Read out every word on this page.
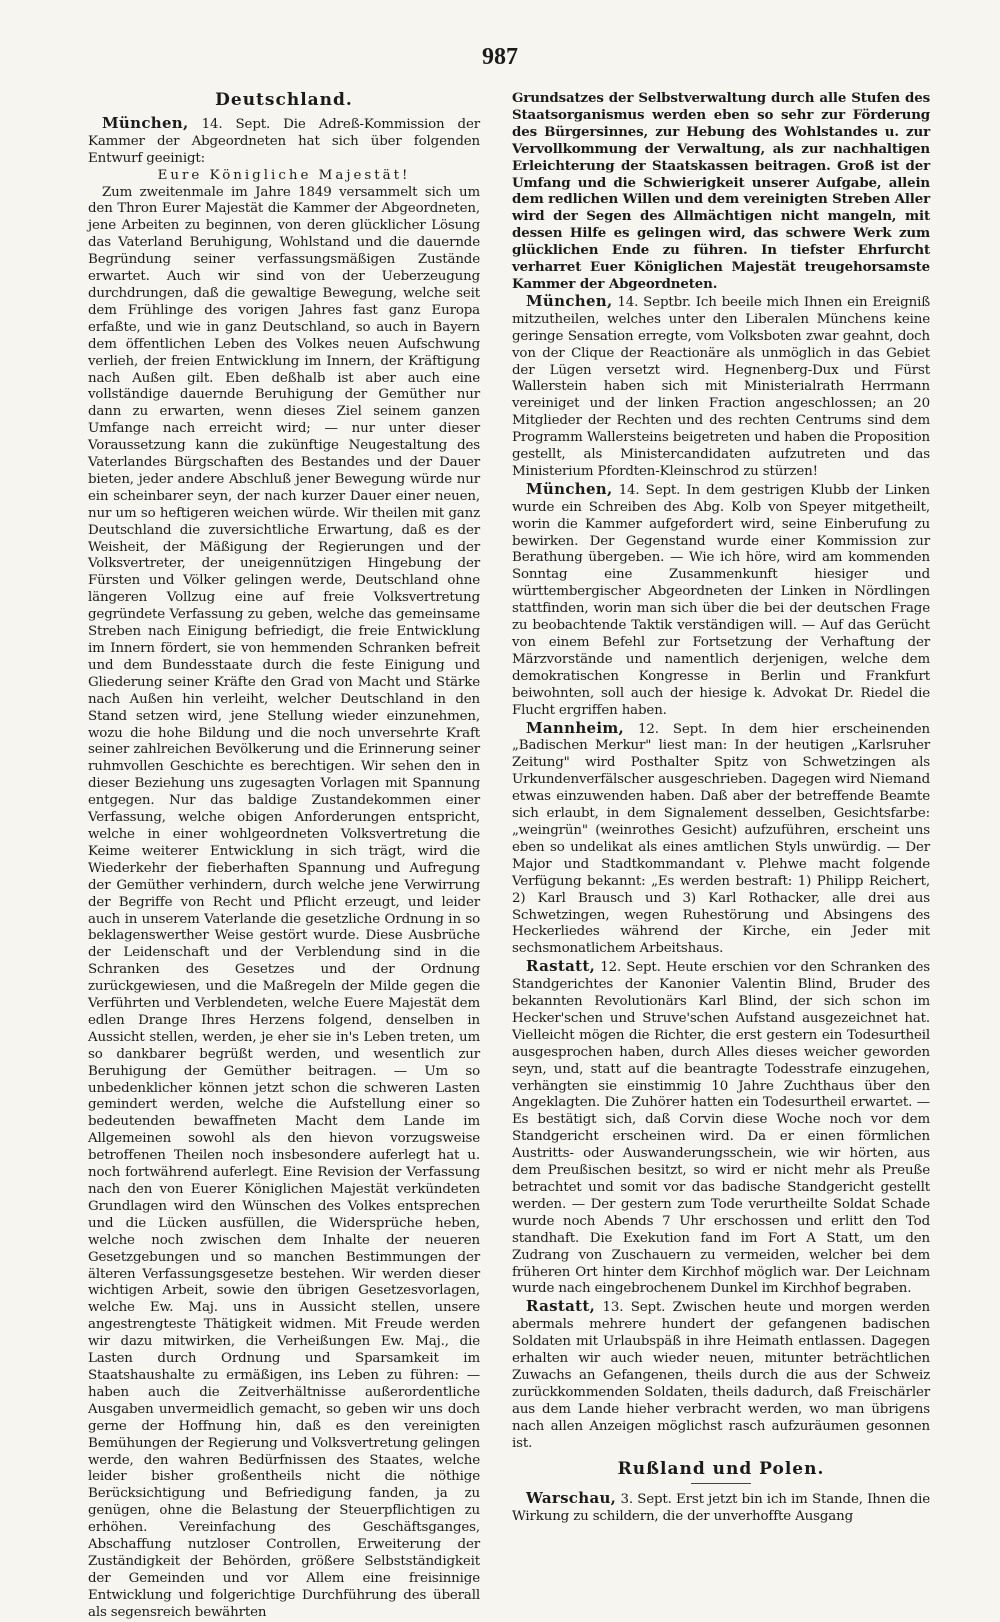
987
Deutschland.

München, 14. Sept. Die Adreß-Kommission der Kammer der Abgeordneten hat sich über folgenden Entwurf geeinigt:

Eure Königliche Majestät!

Zum zweitenmale im Jahre 1849 versammelt sich um den Thron Eurer Majestät die Kammer der Abgeordneten, jene Arbeiten zu beginnen, von deren glücklicher Lösung das Vaterland Beruhigung, Wohlstand und die dauernde Begründung seiner verfassungsmäßigen Zustände erwartet. Auch wir sind von der Ueberzeugung durchdrungen, daß die gewaltige Bewegung, welche seit dem Frühlinge des vorigen Jahres fast ganz Europa erfaßte, und wie in ganz Deutschland, so auch in Bayern dem öffentlichen Leben des Volkes neuen Aufschwung verlieh, der freien Entwicklung im Innern, der Kräftigung nach Außen gilt. Eben deßhalb ist aber auch eine vollständige dauernde Beruhigung der Gemüther nur dann zu erwarten, wenn dieses Ziel seinem ganzen Umfange nach erreicht wird; — nur unter dieser Voraussetzung kann die zukünftige Neugestaltung des Vaterlandes Bürgschaften des Bestandes und der Dauer bieten, jeder andere Abschluß jener Bewegung würde nur ein scheinbarer seyn, der nach kurzer Dauer einer neuen, nur um so heftigeren weichen würde. Wir theilen mit ganz Deutschland die zuversichtliche Erwartung, daß es der Weisheit, der Mäßigung der Regierungen und der Volksvertreter, der uneigennützigen Hingebung der Fürsten und Völker gelingen werde, Deutschland ohne längeren Vollzug eine auf freie Volksvertretung gegründete Verfassung zu geben, welche das gemeinsame Streben nach Einigung befriedigt, die freie Entwicklung im Innern fördert, sie von hemmenden Schranken befreit und dem Bundesstaate durch die feste Einigung und Gliederung seiner Kräfte den Grad von Macht und Stärke nach Außen hin verleiht, welcher Deutschland in den Stand setzen wird, jene Stellung wieder einzunehmen, wozu die hohe Bildung und die noch unversehrte Kraft seiner zahlreichen Bevölkerung und die Erinnerung seiner ruhmvollen Geschichte es berechtigen. Wir sehen den in dieser Beziehung uns zugesagten Vorlagen mit Spannung entgegen. Nur das baldige Zustandekommen einer Verfassung, welche obigen Anforderungen entspricht, welche in einer wohlgeordneten Volksvertretung die Keime weiterer Entwicklung in sich trägt, wird die Wiederkehr der fieberhaften Spannung und Aufregung der Gemüther verhindern, durch welche jene Verwirrung der Begriffe von Recht und Pflicht erzeugt, und leider auch in unserem Vaterlande die gesetzliche Ordnung in so beklagenswerther Weise gestört wurde. Diese Ausbrüche der Leidenschaft und der Verblendung sind in die Schranken des Gesetzes und der Ordnung zurückgewiesen, und die Maßregeln der Milde gegen die Verführten und Verblendeten, welche Euere Majestät dem edlen Drange Ihres Herzens folgend, denselben in Aussicht stellen, werden, je eher sie in's Leben treten, um so dankbarer begrüßt werden, und wesentlich zur Beruhigung der Gemüther beitragen. — Um so unbedenklicher können jetzt schon die schweren Lasten gemindert werden, welche die Aufstellung einer so bedeutenden bewaffneten Macht dem Lande im Allgemeinen sowohl als den hievon vorzugsweise betroffenen Theilen noch insbesondere auferlegt hat u. noch fortwährend auferlegt. Eine Revision der Verfassung nach den von Euerer Königlichen Majestät verkündeten Grundlagen wird den Wünschen des Volkes entsprechen und die Lücken ausfüllen, die Widersprüche heben, welche noch zwischen dem Inhalte der neueren Gesetzgebungen und so manchen Bestimmungen der älteren Verfassungsgesetze bestehen. Wir werden dieser wichtigen Arbeit, sowie den übrigen Gesetzesvorlagen, welche Ew. Maj. uns in Aussicht stellen, unsere angestrengteste Thätigkeit widmen. Mit Freude werden wir dazu mitwirken, die Verheißungen Ew. Maj., die Lasten durch Ordnung und Sparsamkeit im Staatshaushalte zu ermäßigen, ins Leben zu führen: — haben auch die Zeitverhältnisse außerordentliche Ausgaben unvermeidlich gemacht, so geben wir uns doch gerne der Hoffnung hin, daß es den vereinigten Bemühungen der Regierung und Volksvertretung gelingen werde, den wahren Bedürfnissen des Staates, welche leider bisher großentheils nicht die nöthige Berücksichtigung und Befriedigung fanden, ja zu genügen, ohne die Belastung der Steuerpflichtigen zu erhöhen. Vereinfachung des Geschäftsganges, Abschaffung nutzloser Controllen, Erweiterung der Zuständigkeit der Behörden, größere Selbstständigkeit der Gemeinden und vor Allem eine freisinnige Entwicklung und folgerichtige Durchführung des überall als segensreich bewährten

Grundsatzes der Selbstverwaltung durch alle Stufen des Staatsorganismus werden eben so sehr zur Förderung des Bürgersinnes, zur Hebung des Wohlstandes u. zur Vervollkommung der Verwaltung, als zur nachhaltigen Erleichterung der Staatskassen beitragen. Groß ist der Umfang und die Schwierigkeit unserer Aufgabe, allein dem redlichen Willen und dem vereinigten Streben Aller wird der Segen des Allmächtigen nicht mangeln, mit dessen Hilfe es gelingen wird, das schwere Werk zum glücklichen Ende zu führen. In tiefster Ehrfurcht verharret Euer Königlichen Majestät treugehorsamste Kammer der Abgeordneten.

München, 14. Septbr. Ich beeile mich Ihnen ein Ereigniß mitzutheilen, welches unter den Liberalen Münchens keine geringe Sensation erregte, vom Volksboten zwar geahnt, doch von der Clique der Reactionäre als unmöglich in das Gebiet der Lügen versetzt wird. Hegnenberg-Dux und Fürst Wallerstein haben sich mit Ministerialrath Herrmann vereiniget und der linken Fraction angeschlossen; an 20 Mitglieder der Rechten und des rechten Centrums sind dem Programm Wallersteins beigetreten und haben die Proposition gestellt, als Ministercandidaten aufzutreten und das Ministerium Pfordten-Kleinschrod zu stürzen!

München, 14. Sept. In dem gestrigen Klubb der Linken wurde ein Schreiben des Abg. Kolb von Speyer mitgetheilt, worin die Kammer aufgefordert wird, seine Einberufung zu bewirken. Der Gegenstand wurde einer Kommission zur Berathung übergeben. — Wie ich höre, wird am kommenden Sonntag eine Zusammenkunft hiesiger und württembergischer Abgeordneten der Linken in Nördlingen stattfinden, worin man sich über die bei der deutschen Frage zu beobachtende Taktik verständigen will. — Auf das Gerücht von einem Befehl zur Fortsetzung der Verhaftung der Märzvorstände und namentlich derjenigen, welche dem demokratischen Kongresse in Berlin und Frankfurt beiwohnten, soll auch der hiesige k. Advokat Dr. Riedel die Flucht ergriffen haben.

Mannheim, 12. Sept. In dem hier erscheinenden „Badischen Merkur" liest man: In der heutigen „Karlsruher Zeitung" wird Posthalter Spitz von Schwetzingen als Urkundenverfälscher ausgeschrieben. Dagegen wird Niemand etwas einzuwenden haben. Daß aber der betreffende Beamte sich erlaubt, in dem Signalement desselben, Gesichtsfarbe: „weingrün" (weinrothes Gesicht) aufzuführen, erscheint uns eben so undelikat als eines amtlichen Styls unwürdig. — Der Major und Stadtkommandant v. Plehwe macht folgende Verfügung bekannt: „Es werden bestraft: 1) Philipp Reichert, 2) Karl Brausch und 3) Karl Rothacker, alle drei aus Schwetzingen, wegen Ruhestörung und Absingens des Heckerliedes während der Kirche, ein Jeder mit sechsmonatlichem Arbeitshaus.

Rastatt, 12. Sept. Heute erschien vor den Schranken des Standgerichtes der Kanonier Valentin Blind, Bruder des bekannten Revolutionärs Karl Blind, der sich schon im Hecker'schen und Struve'schen Aufstand ausgezeichnet hat. Vielleicht mögen die Richter, die erst gestern ein Todesurtheil ausgesprochen haben, durch Alles dieses weicher geworden seyn, und, statt auf die beantragte Todesstrafe einzugehen, verhängten sie einstimmig 10 Jahre Zuchthaus über den Angeklagten. Die Zuhörer hatten ein Todesurtheil erwartet. — Es bestätigt sich, daß Corvin diese Woche noch vor dem Standgericht erscheinen wird. Da er einen förmlichen Austritts- oder Auswanderungsschein, wie wir hörten, aus dem Preußischen besitzt, so wird er nicht mehr als Preuße betrachtet und somit vor das badische Standgericht gestellt werden. — Der gestern zum Tode verurtheilte Soldat Schade wurde noch Abends 7 Uhr erschossen und erlitt den Tod standhaft. Die Exekution fand im Fort A Statt, um den Zudrang von Zuschauern zu vermeiden, welcher bei dem früheren Ort hinter dem Kirchhof möglich war. Der Leichnam wurde nach eingebrochenem Dunkel im Kirchhof begraben.

Rastatt, 13. Sept. Zwischen heute und morgen werden abermals mehrere hundert der gefangenen badischen Soldaten mit Urlaubspäß in ihre Heimath entlassen. Dagegen erhalten wir auch wieder neuen, mitunter beträchtlichen Zuwachs an Gefangenen, theils durch die aus der Schweiz zurückkommenden Soldaten, theils dadurch, daß Freischärler aus dem Lande hieher verbracht werden, wo man übrigens nach allen Anzeigen möglichst rasch aufzuräumen gesonnen ist.

Rußland und Polen.

Warschau, 3. Sept. Erst jetzt bin ich im Stande, Ihnen die Wirkung zu schildern, die der unverhoffte Ausgang
